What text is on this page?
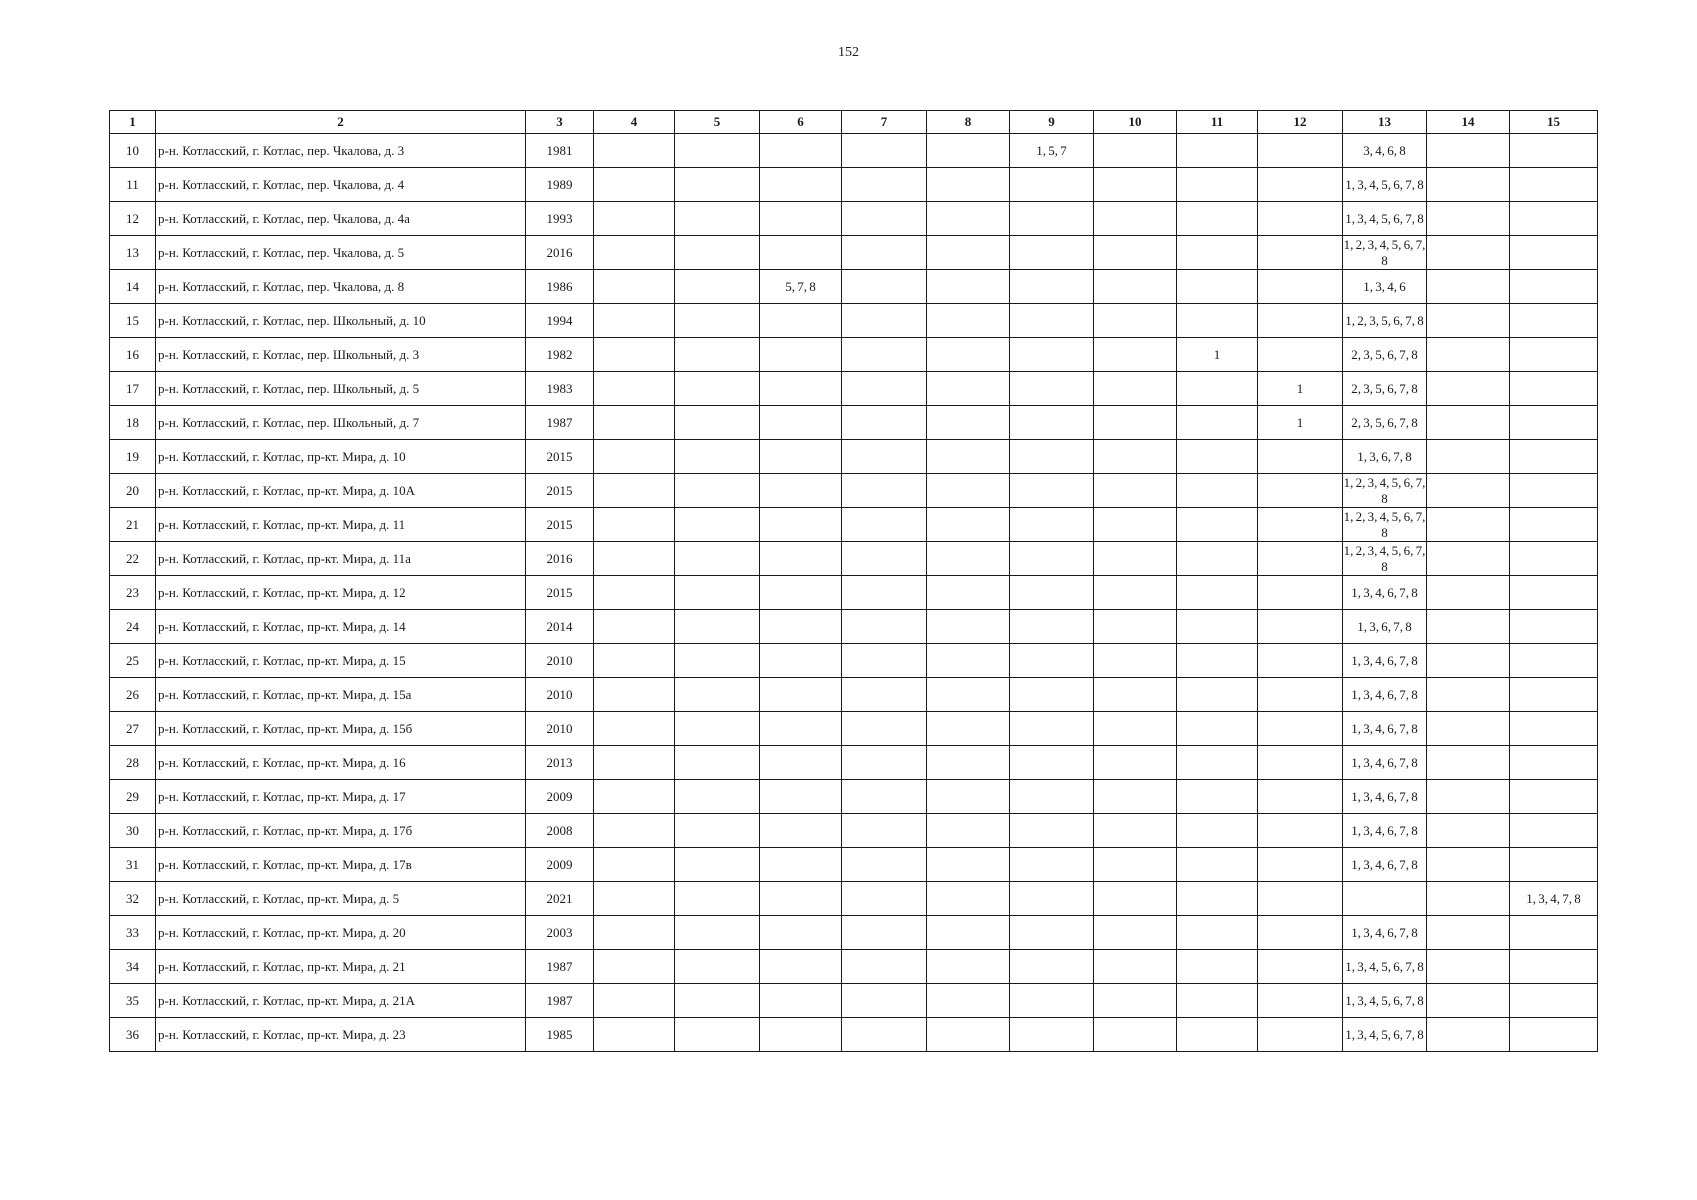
152
1	2	3	4	5	6	7	8	9	10	11	12	13	14	15
10	р-н. Котласский, г. Котлас, пер. Чкалова, д. 3	1981						1, 5, 7				3, 4, 6, 8		
11	р-н. Котласский, г. Котлас, пер. Чкалова, д. 4	1989										1, 3, 4, 5, 6, 7, 8		
12	р-н. Котласский, г. Котлас, пер. Чкалова, д. 4а	1993										1, 3, 4, 5, 6, 7, 8		
13	р-н. Котласский, г. Котлас, пер. Чкалова, д. 5	2016										1, 2, 3, 4, 5, 6, 7, 8		
14	р-н. Котласский, г. Котлас, пер. Чкалова, д. 8	1986			5, 7, 8							1, 3, 4, 6		
15	р-н. Котласский, г. Котлас, пер. Школьный, д. 10	1994										1, 2, 3, 5, 6, 7, 8		
16	р-н. Котласский, г. Котлас, пер. Школьный, д. 3	1982								1		2, 3, 5, 6, 7, 8		
17	р-н. Котласский, г. Котлас, пер. Школьный, д. 5	1983									1	2, 3, 5, 6, 7, 8		
18	р-н. Котласский, г. Котлас, пер. Школьный, д. 7	1987									1	2, 3, 5, 6, 7, 8		
19	р-н. Котласский, г. Котлас, пр-кт. Мира, д. 10	2015										1, 3, 6, 7, 8		
20	р-н. Котласский, г. Котлас, пр-кт. Мира, д. 10А	2015										1, 2, 3, 4, 5, 6, 7, 8		
21	р-н. Котласский, г. Котлас, пр-кт. Мира, д. 11	2015										1, 2, 3, 4, 5, 6, 7, 8		
22	р-н. Котласский, г. Котлас, пр-кт. Мира, д. 11а	2016										1, 2, 3, 4, 5, 6, 7, 8		
23	р-н. Котласский, г. Котлас, пр-кт. Мира, д. 12	2015										1, 3, 4, 6, 7, 8		
24	р-н. Котласский, г. Котлас, пр-кт. Мира, д. 14	2014										1, 3, 6, 7, 8		
25	р-н. Котласский, г. Котлас, пр-кт. Мира, д. 15	2010										1, 3, 4, 6, 7, 8		
26	р-н. Котласский, г. Котлас, пр-кт. Мира, д. 15а	2010										1, 3, 4, 6, 7, 8		
27	р-н. Котласский, г. Котлас, пр-кт. Мира, д. 15б	2010										1, 3, 4, 6, 7, 8		
28	р-н. Котласский, г. Котлас, пр-кт. Мира, д. 16	2013										1, 3, 4, 6, 7, 8		
29	р-н. Котласский, г. Котлас, пр-кт. Мира, д. 17	2009										1, 3, 4, 6, 7, 8		
30	р-н. Котласский, г. Котлас, пр-кт. Мира, д. 17б	2008										1, 3, 4, 6, 7, 8		
31	р-н. Котласский, г. Котлас, пр-кт. Мира, д. 17в	2009										1, 3, 4, 6, 7, 8		
32	р-н. Котласский, г. Котлас, пр-кт. Мира, д. 5	2021												1, 3, 4, 7, 8
33	р-н. Котласский, г. Котлас, пр-кт. Мира, д. 20	2003										1, 3, 4, 6, 7, 8		
34	р-н. Котласский, г. Котлас, пр-кт. Мира, д. 21	1987										1, 3, 4, 5, 6, 7, 8		
35	р-н. Котласский, г. Котлас, пр-кт. Мира, д. 21А	1987										1, 3, 4, 5, 6, 7, 8		
36	р-н. Котласский, г. Котлас, пр-кт. Мира, д. 23	1985										1, 3, 4, 5, 6, 7, 8		
